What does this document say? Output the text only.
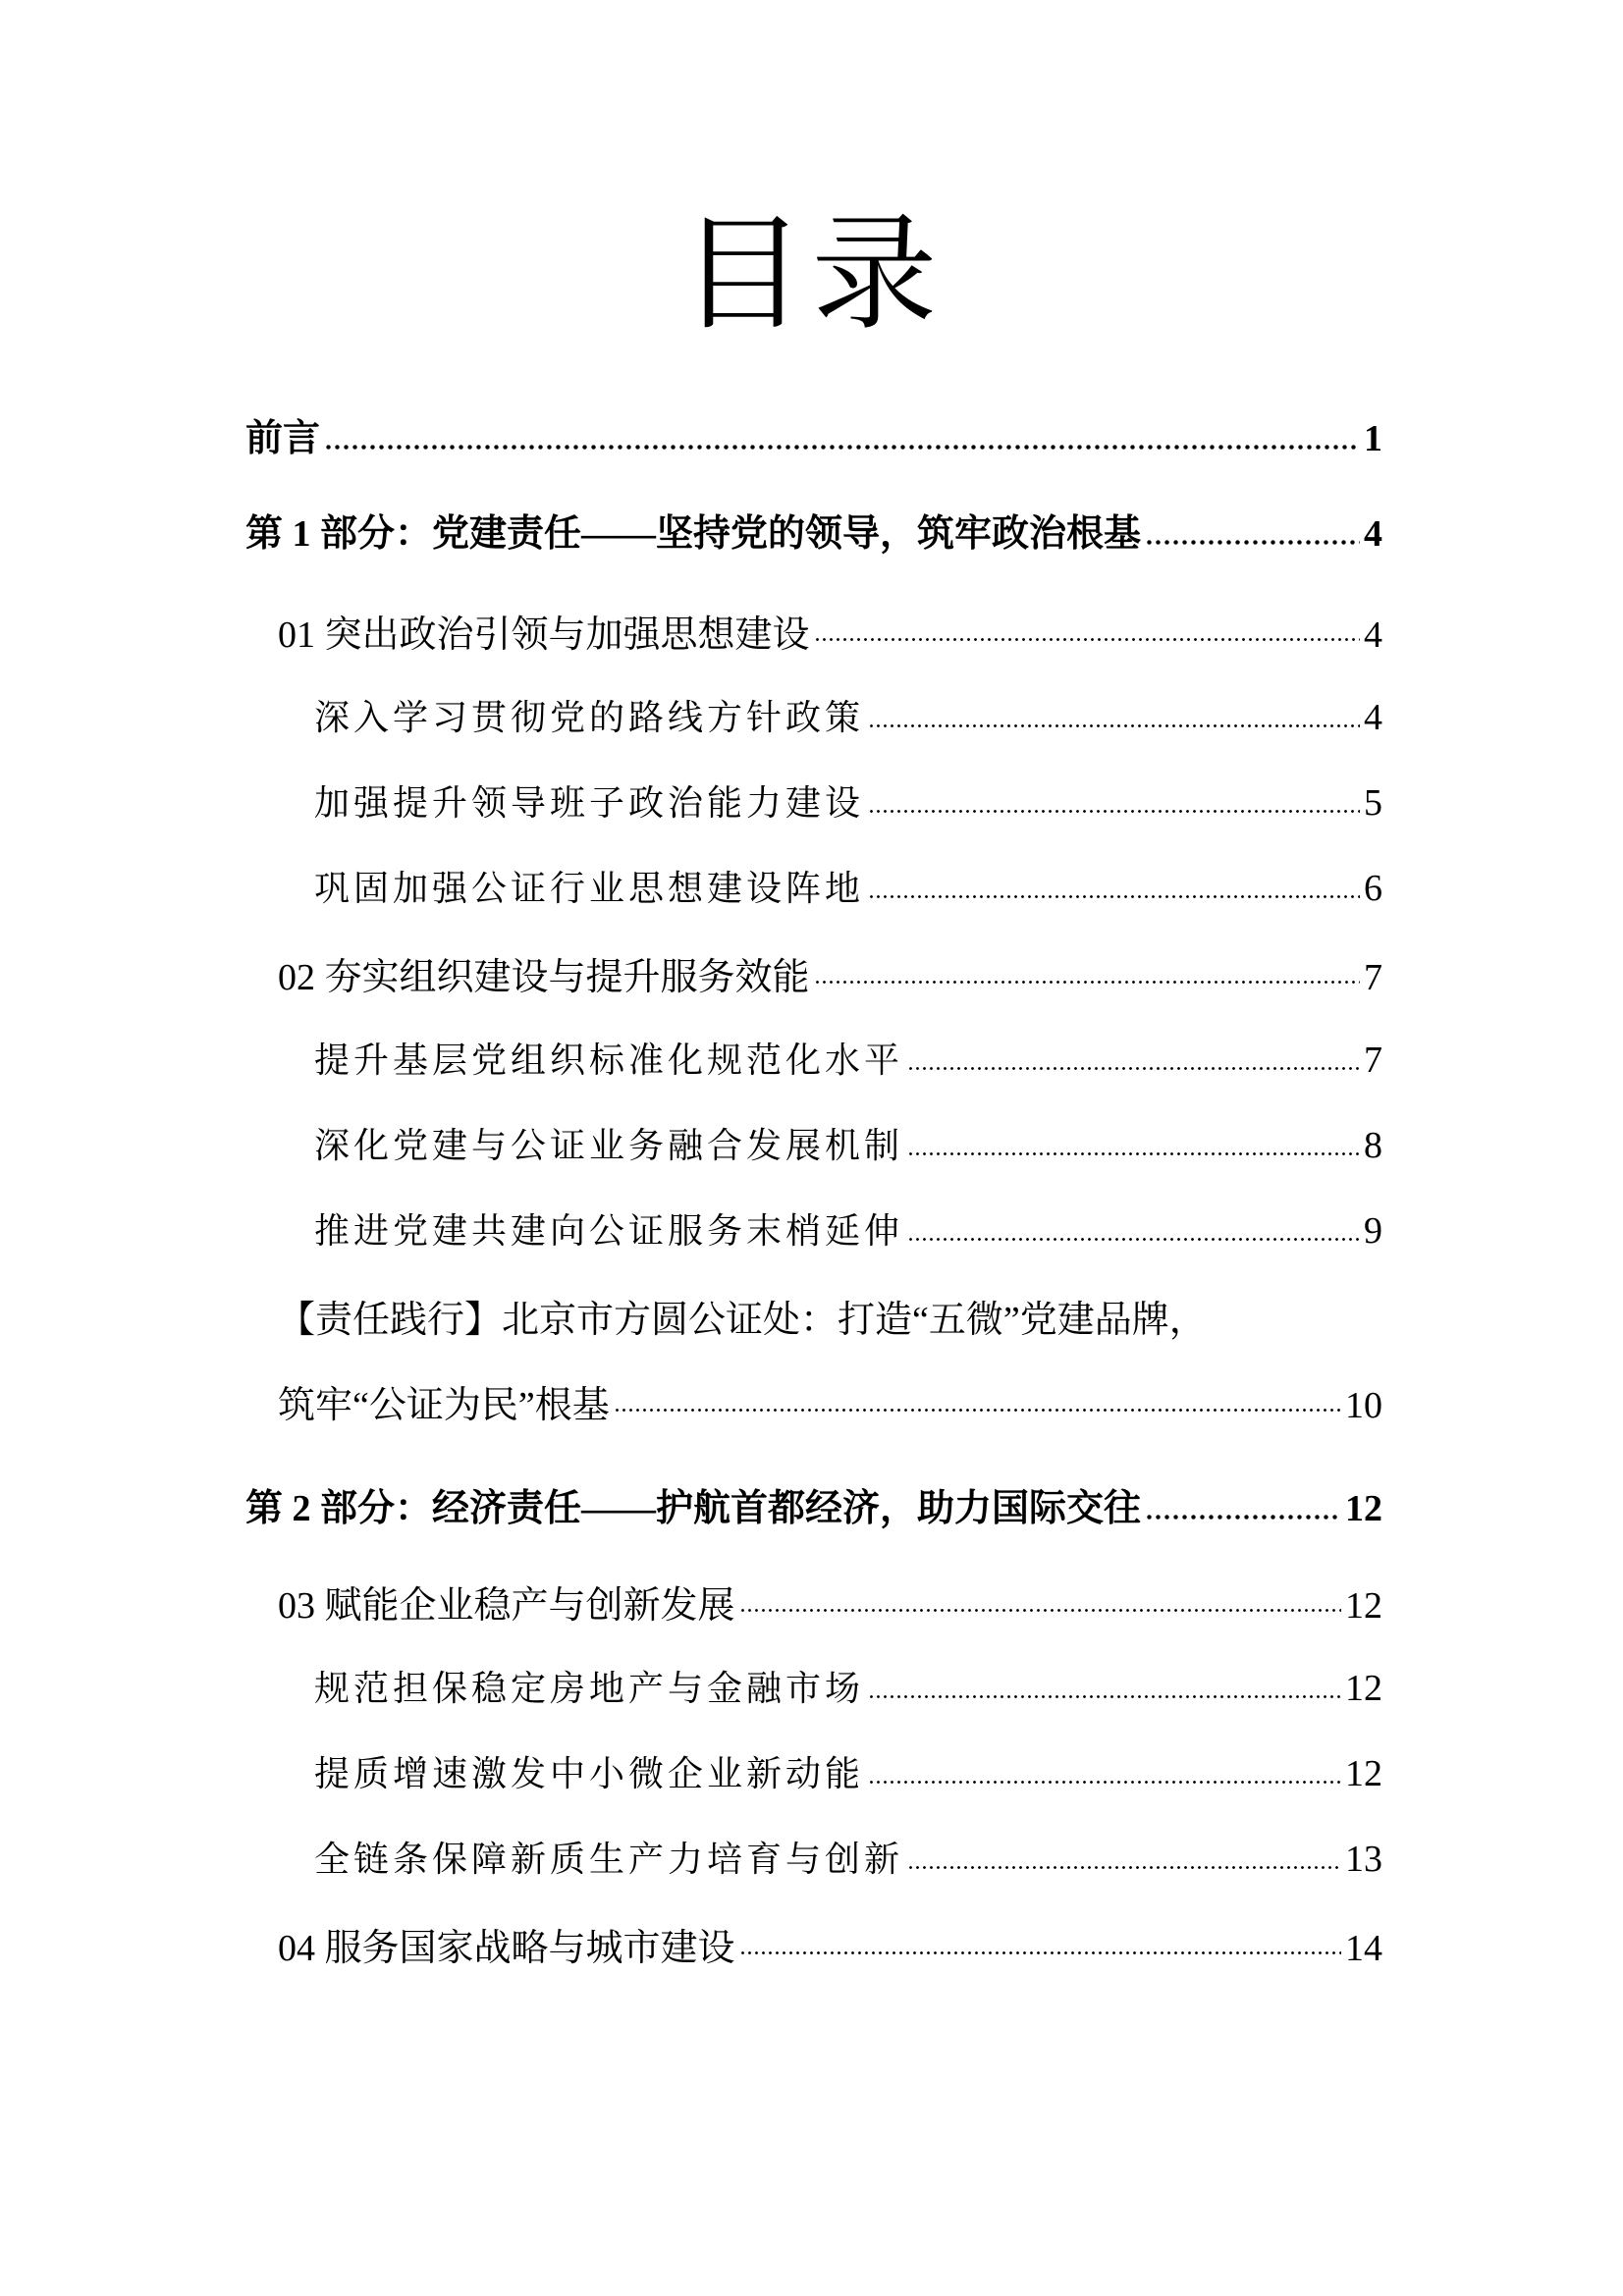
目录
前言	1
第 1 部分：党建责任——坚持党的领导，筑牢政治根基	4
01 突出政治引领与加强思想建设	4
深入学习贯彻党的路线方针政策	4
加强提升领导班子政治能力建设	5
巩固加强公证行业思想建设阵地	6
02 夯实组织建设与提升服务效能	7
提升基层党组织标准化规范化水平	7
深化党建与公证业务融合发展机制	8
推进党建共建向公证服务末梢延伸	9
【责任践行】北京市方圆公证处：打造“五微”党建品牌，
筑牢“公证为民”根基	10
第 2 部分：经济责任——护航首都经济，助力国际交往	12
03 赋能企业稳产与创新发展	12
规范担保稳定房地产与金融市场	12
提质增速激发中小微企业新动能	12
全链条保障新质生产力培育与创新	13
04 服务国家战略与城市建设	14
